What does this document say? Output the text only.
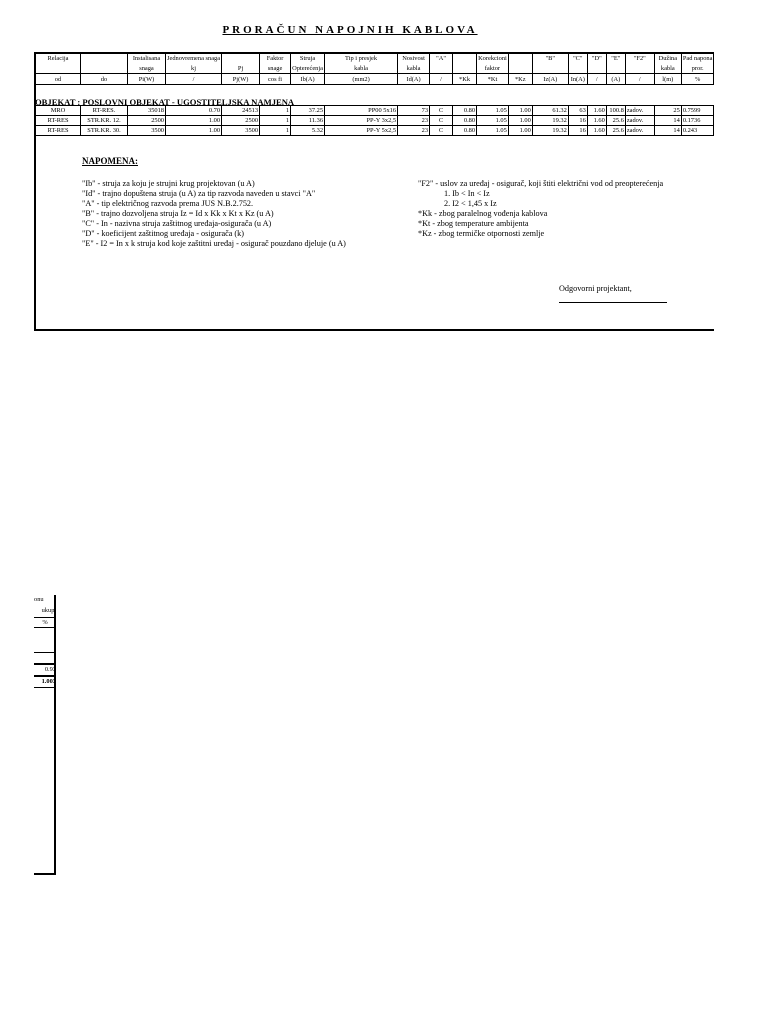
PRORAČUN NAPOJNIH KABLOVA
Relacija		Instalisana	Jednovremena snaga		Faktor	Struja	Tip i presjek	Nosivost	"A"		Korekcioni		"B"	"C"	"D"	"E"	"F2"	Dužina	Pad napona
		snaga	kj	Pj	snage	Opterećenja	kabla	kabla			faktor							kabla	pror.
od	do	Pi(W)	/	Pj(W)	cos fi	Ib(A)	(mm2)	Id(A)	/	*Kk	*Kt	*Kz	Iz(A)	In(A)	/	(A)	/	l(m)	%

MRO	RT-RES.	35018	0.70	24513	1	37.25	PP00 5x16	73	C	0.80	1.05	1.00	61.32	63	1.60	100.8	zadov.	25	0.7599
RT-RES	STR.KR. 12.	2500	1.00	2500	1	11.36	PP-Y 3x2,5	23	C	0.80	1.05	1.00	19.32	16	1.60	25.6	zadov.	14	0.1736
RT-RES	STR.KR. 30.	3500	1.00	3500	1	5.32	PP-Y 5x2,5	23	C	0.80	1.05	1.00	19.32	16	1.60	25.6	zadov.	14	0.243
OBJEKAT : POSLOVNI OBJEKAT - UGOSTITELJSKA NAMJENA
NAPOMENA:
"Ib" - struja za koju je strujni krug projektovan (u A)
"Id" - trajno dopuštena struja (u A) za tip razvoda naveden u stavci "A"
"A" - tip električnog razvoda prema JUS N.B.2.752.
"B" - trajno dozvoljena struja Iz = Id x Kk x Kt x Kz (u A)
"C" - In - nazivna struja zaštitnog uređaja-osigurača (u A)
"D" - koeficijent zaštitnog uređaja - osigurača (k)
"E" - I2 = In x k struja kod koje zaštitni uređaj - osigurač pouzdano djeluje (u A)
"F2" - uslov za uređaj - osigurač, koji štiti električni vod od preopterećenja
1. Ib < In < Iz
2. I2 < 1,45 x Iz
*Kk - zbog paralelnog vođenja kablova
*Kt - zbog temperature ambijenta
*Kz - zbog termičke otpornosti zemlje
Odgovorni projektant,
onu
ukup.
%
0.93
1.003
